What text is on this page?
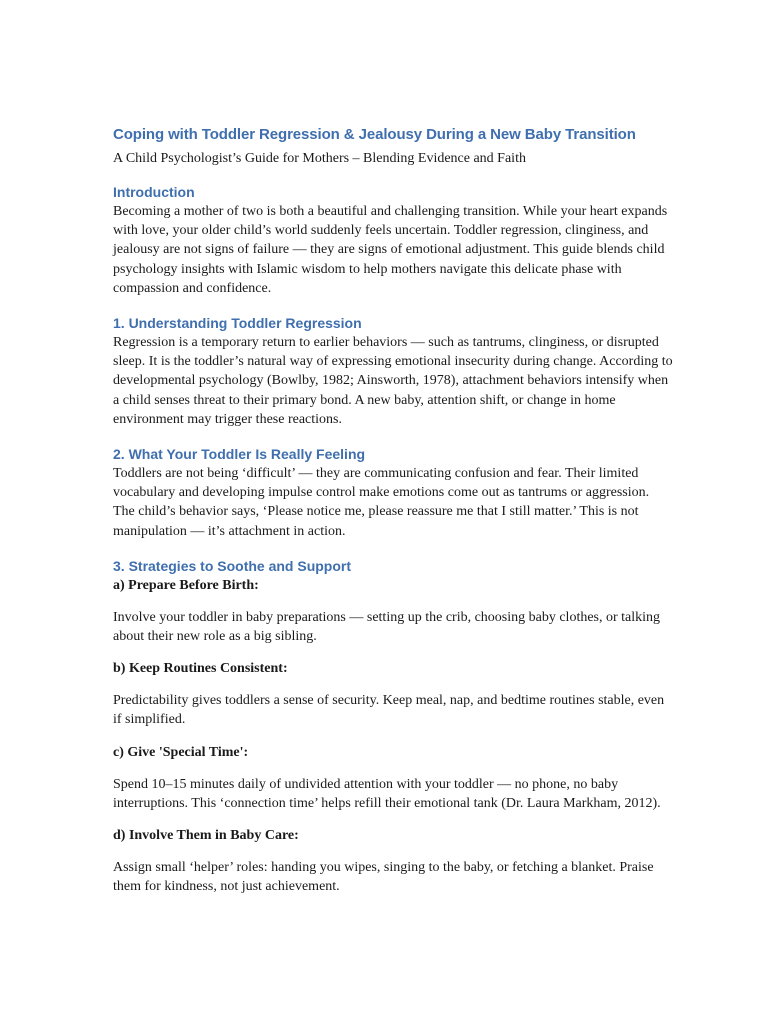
Coping with Toddler Regression & Jealousy During a New Baby Transition

A Child Psychologist’s Guide for Mothers – Blending Evidence and Faith

Introduction

Becoming a mother of two is both a beautiful and challenging transition. While your heart expands with love, your older child’s world suddenly feels uncertain. Toddler regression, clinginess, and jealousy are not signs of failure — they are signs of emotional adjustment. This guide blends child psychology insights with Islamic wisdom to help mothers navigate this delicate phase with compassion and confidence.

1. Understanding Toddler Regression

Regression is a temporary return to earlier behaviors — such as tantrums, clinginess, or disrupted sleep. It is the toddler’s natural way of expressing emotional insecurity during change. According to developmental psychology (Bowlby, 1982; Ainsworth, 1978), attachment behaviors intensify when a child senses threat to their primary bond. A new baby, attention shift, or change in home environment may trigger these reactions.

2. What Your Toddler Is Really Feeling

Toddlers are not being ‘difficult’ — they are communicating confusion and fear. Their limited vocabulary and developing impulse control make emotions come out as tantrums or aggression. The child’s behavior says, ‘Please notice me, please reassure me that I still matter.’ This is not manipulation — it’s attachment in action.

3. Strategies to Soothe and Support

a) Prepare Before Birth:

Involve your toddler in baby preparations — setting up the crib, choosing baby clothes, or talking about their new role as a big sibling.

b) Keep Routines Consistent:

Predictability gives toddlers a sense of security. Keep meal, nap, and bedtime routines stable, even if simplified.

c) Give 'Special Time':

Spend 10–15 minutes daily of undivided attention with your toddler — no phone, no baby interruptions. This ‘connection time’ helps refill their emotional tank (Dr. Laura Markham, 2012).

d) Involve Them in Baby Care:

Assign small ‘helper’ roles: handing you wipes, singing to the baby, or fetching a blanket. Praise them for kindness, not just achievement.
